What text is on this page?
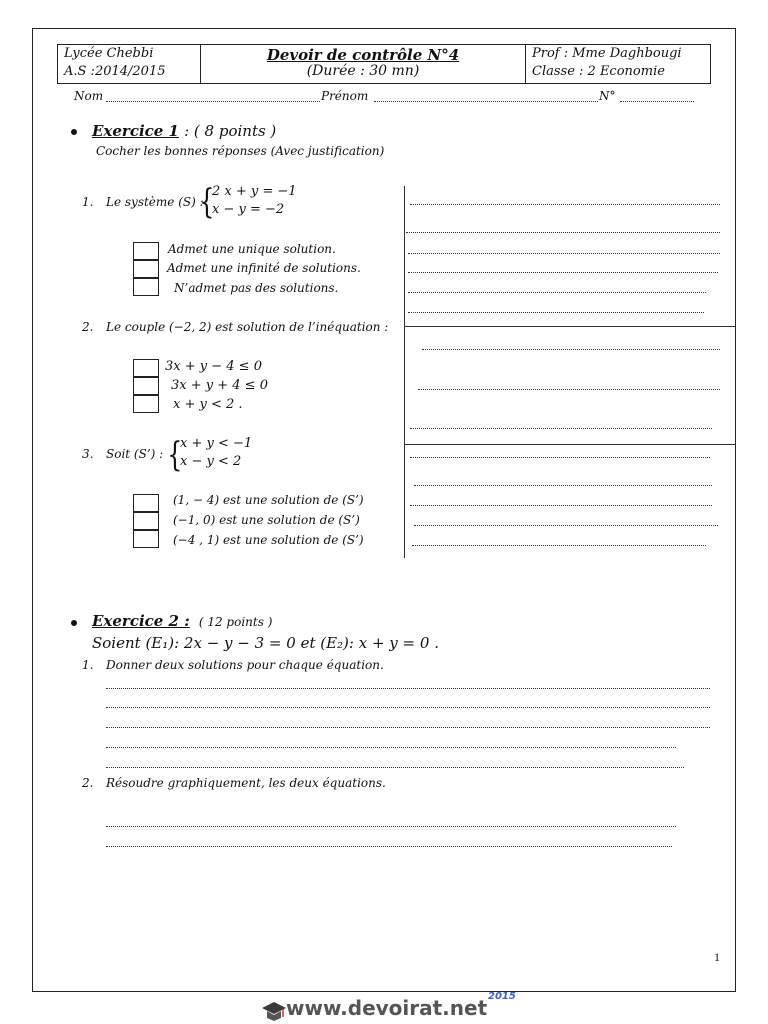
Lycée Chebbi
A.S :2014/2015
Devoir de contrôle N°4
(Durée : 30 mn)
Prof : Mme Daghbougi
Classe : 2 Economie
Nom	Prénom	N°
Exercice 1 : ( 8 points )
Cocher les bonnes réponses (Avec justification)
1. Le système (S) :
{
2 x + y = −1
x − y = −2
Admet une unique solution.
Admet une infinité de solutions.
N’admet pas des solutions.
2. Le couple (−2, 2) est solution de l’inéquation :
3x + y − 4 ≤ 0
3x + y + 4 ≤ 0
x + y < 2 .
3. Soit (S’) : {
x + y < −1
x − y < 2
(1, − 4) est une solution de (S’)
(−1, 0) est une solution de (S’)
(−4 , 1) est une solution de (S’)
Exercice 2 : ( 12 points )
Soient (E₁): 2x − y − 3 = 0 et (E₂): x + y = 0 .
1. Donner deux solutions pour chaque équation.
2. Résoudre graphiquement, les deux équations.
1
www.devoirat.net 2015
